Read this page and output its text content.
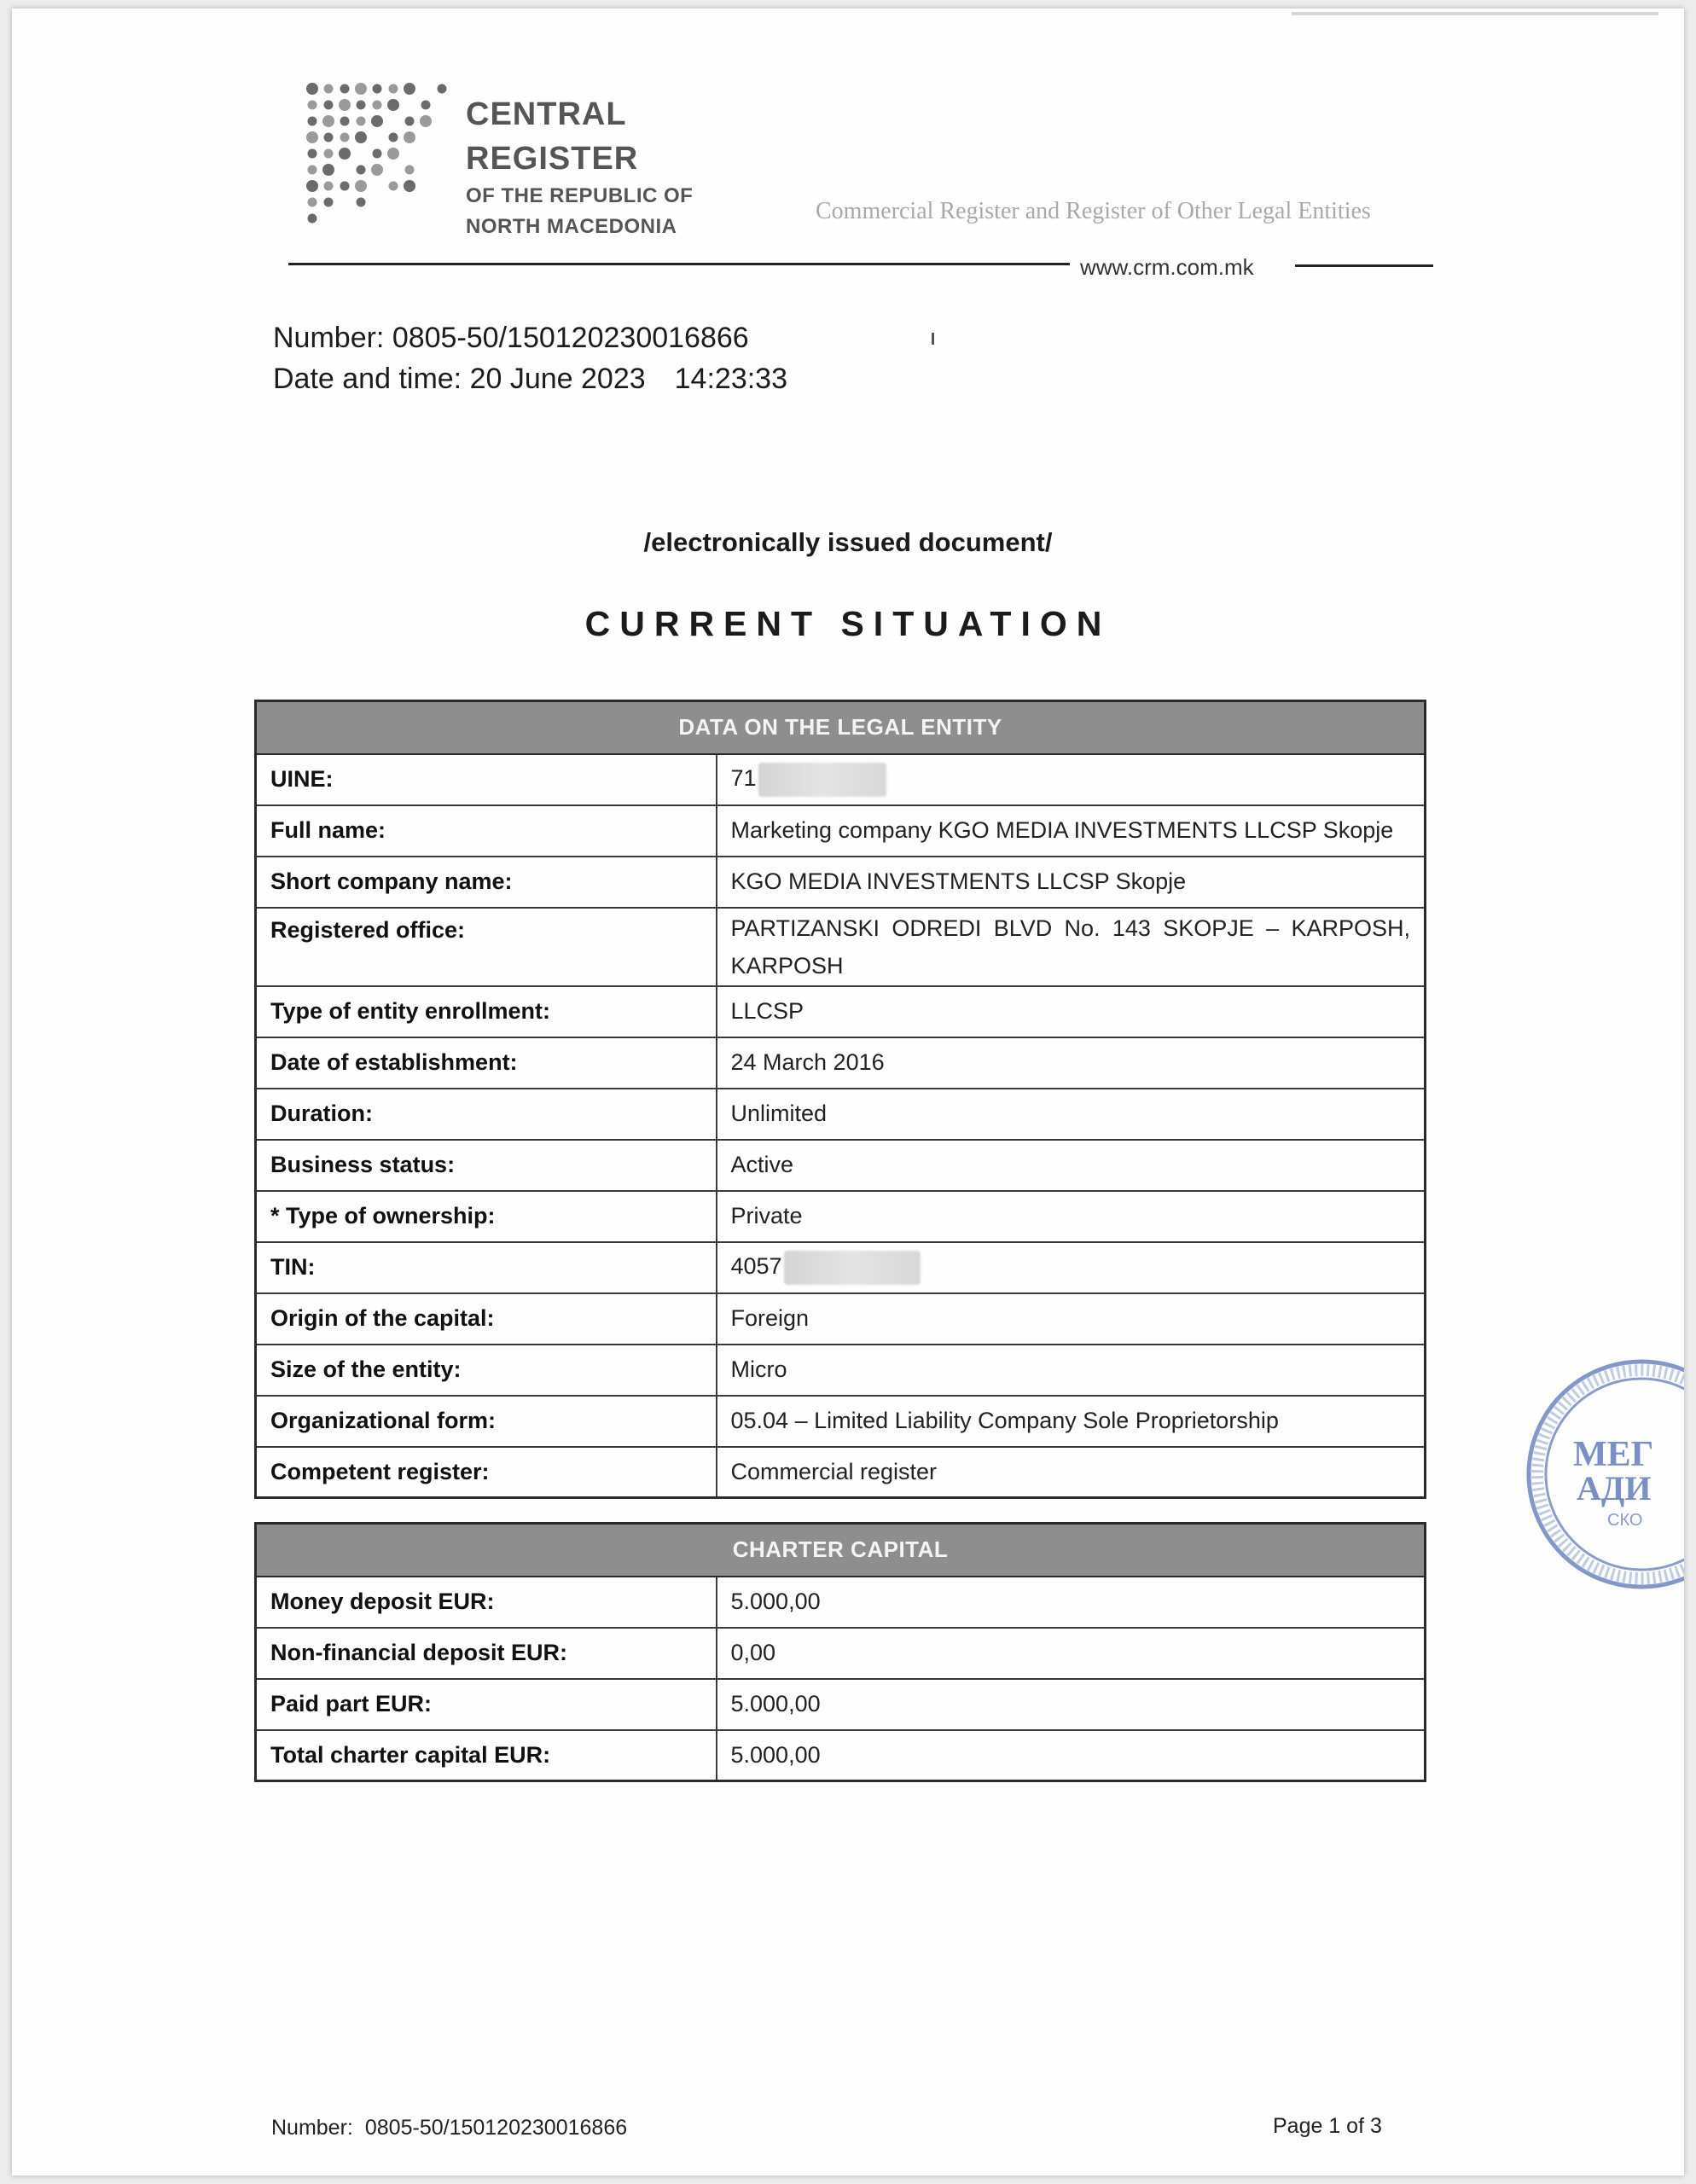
CENTRAL
REGISTER
OF THE REPUBLIC OF
NORTH MACEDONIA
Commercial Register and Register of Other Legal Entities
www.crm.com.mk
Number: 0805-50/150120230016866
Date and time: 20 June 2023 14:23:33
/electronically issued document/
CURRENT SITUATION
DATA ON THE LEGAL ENTITY	
UINE:	71
Full name:	Marketing company KGO MEDIA INVESTMENTS LLCSP Skopje
Short company name:	KGO MEDIA INVESTMENTS LLCSP Skopje
Registered office:	PARTIZANSKI ODREDI BLVD No. 143 SKOPJE – KARPOSH, KARPOSH
Type of entity enrollment:	LLCSP
Date of establishment:	24 March 2016
Duration:	Unlimited
Business status:	Active
* Type of ownership:	Private
TIN:	4057
Origin of the capital:	Foreign
Size of the entity:	Micro
Organizational form:	05.04 – Limited Liability Company Sole Proprietorship
Competent register:	Commercial register
CHARTER CAPITAL	
Money deposit EUR:	5.000,00
Non-financial deposit EUR:	0,00
Paid part EUR:	5.000,00
Total charter capital EUR:	5.000,00
МЕГ
АДИ
СКО
Number: 0805-50/150120230016866	Page 1 of 3
